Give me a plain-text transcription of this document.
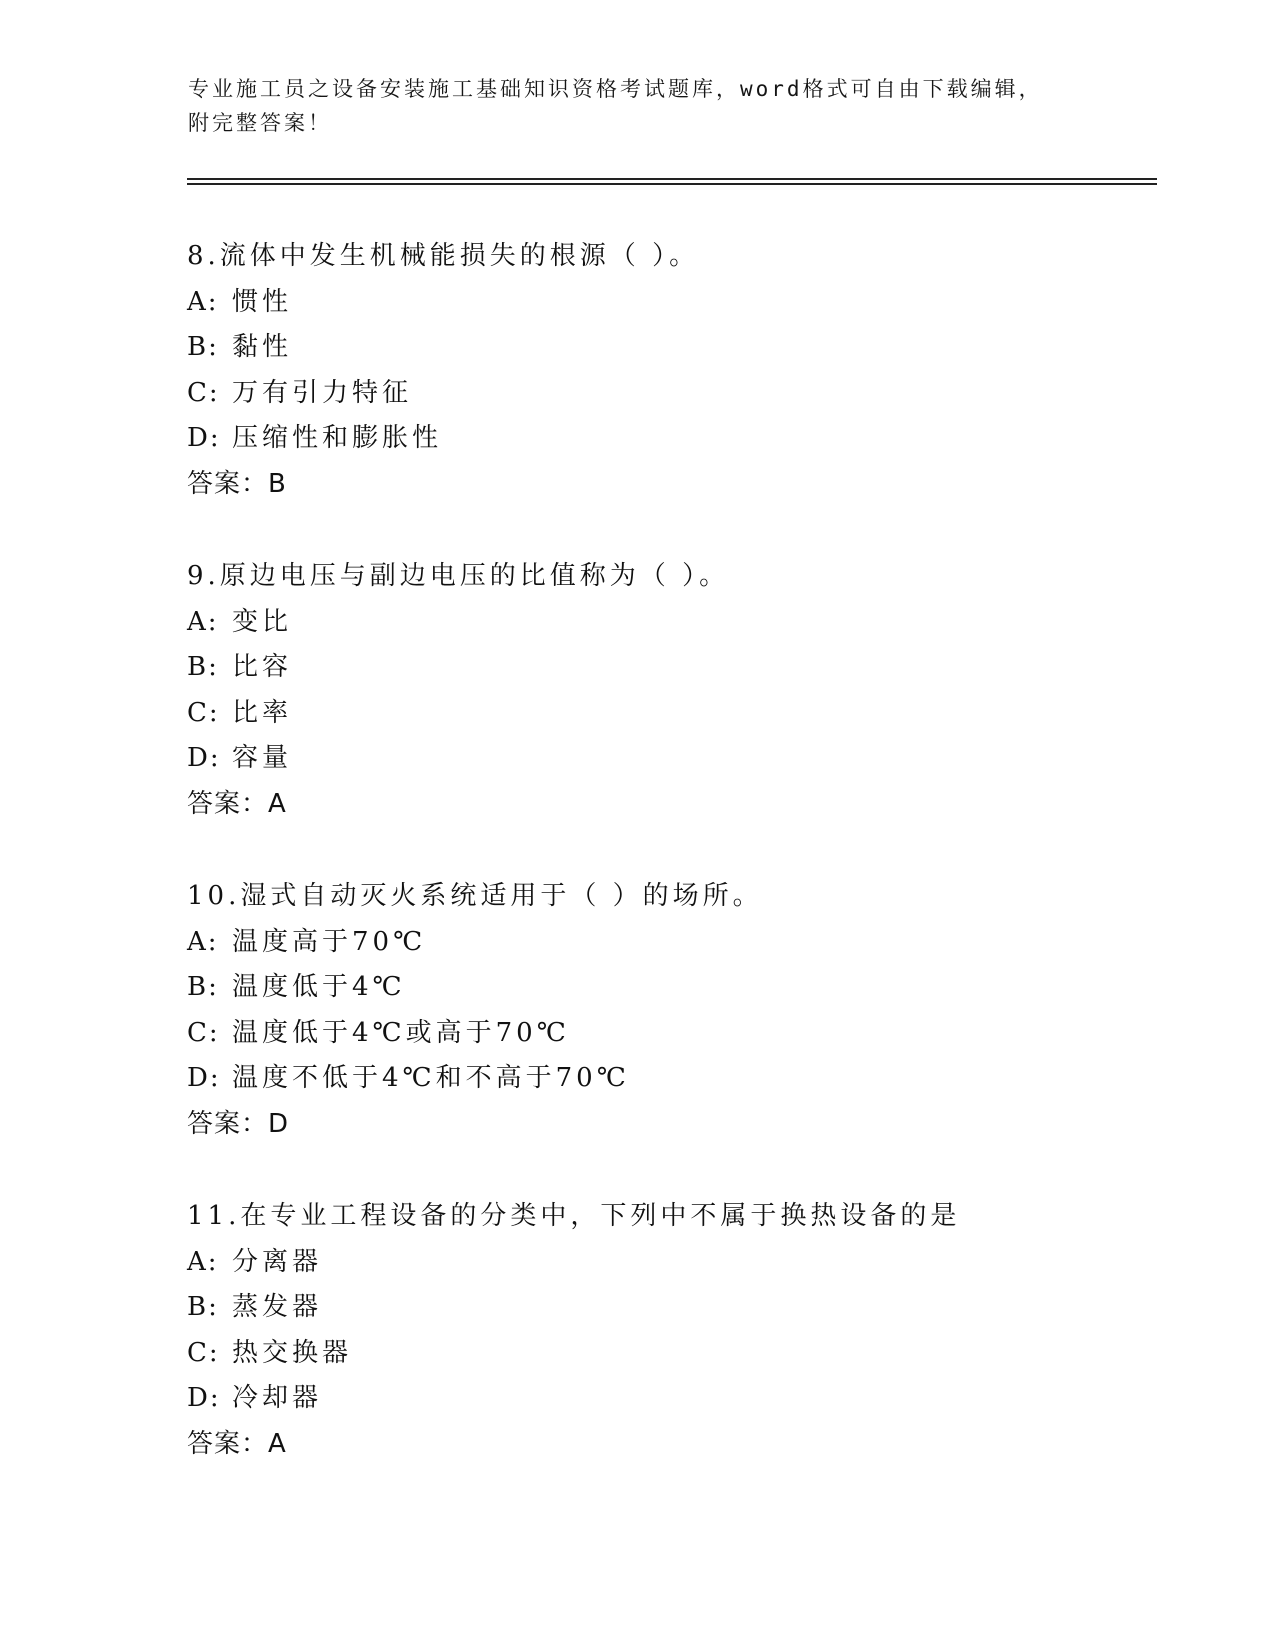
专业施工员之设备安装施工基础知识资格考试题库，word格式可自由下载编辑，
附完整答案！
8.流体中发生机械能损失的根源（ ）。
A: 惯性
B: 黏性
C: 万有引力特征
D: 压缩性和膨胀性
答案：B
9.原边电压与副边电压的比值称为（ ）。
A: 变比
B: 比容
C: 比率
D: 容量
答案：A
10.湿式自动灭火系统适用于（ ）的场所。
A: 温度高于70℃
B: 温度低于4℃
C: 温度低于4℃或高于70℃
D: 温度不低于4℃和不高于70℃
答案：D
11.在专业工程设备的分类中，下列中不属于换热设备的是
A: 分离器
B: 蒸发器
C: 热交换器
D: 冷却器
答案：A
